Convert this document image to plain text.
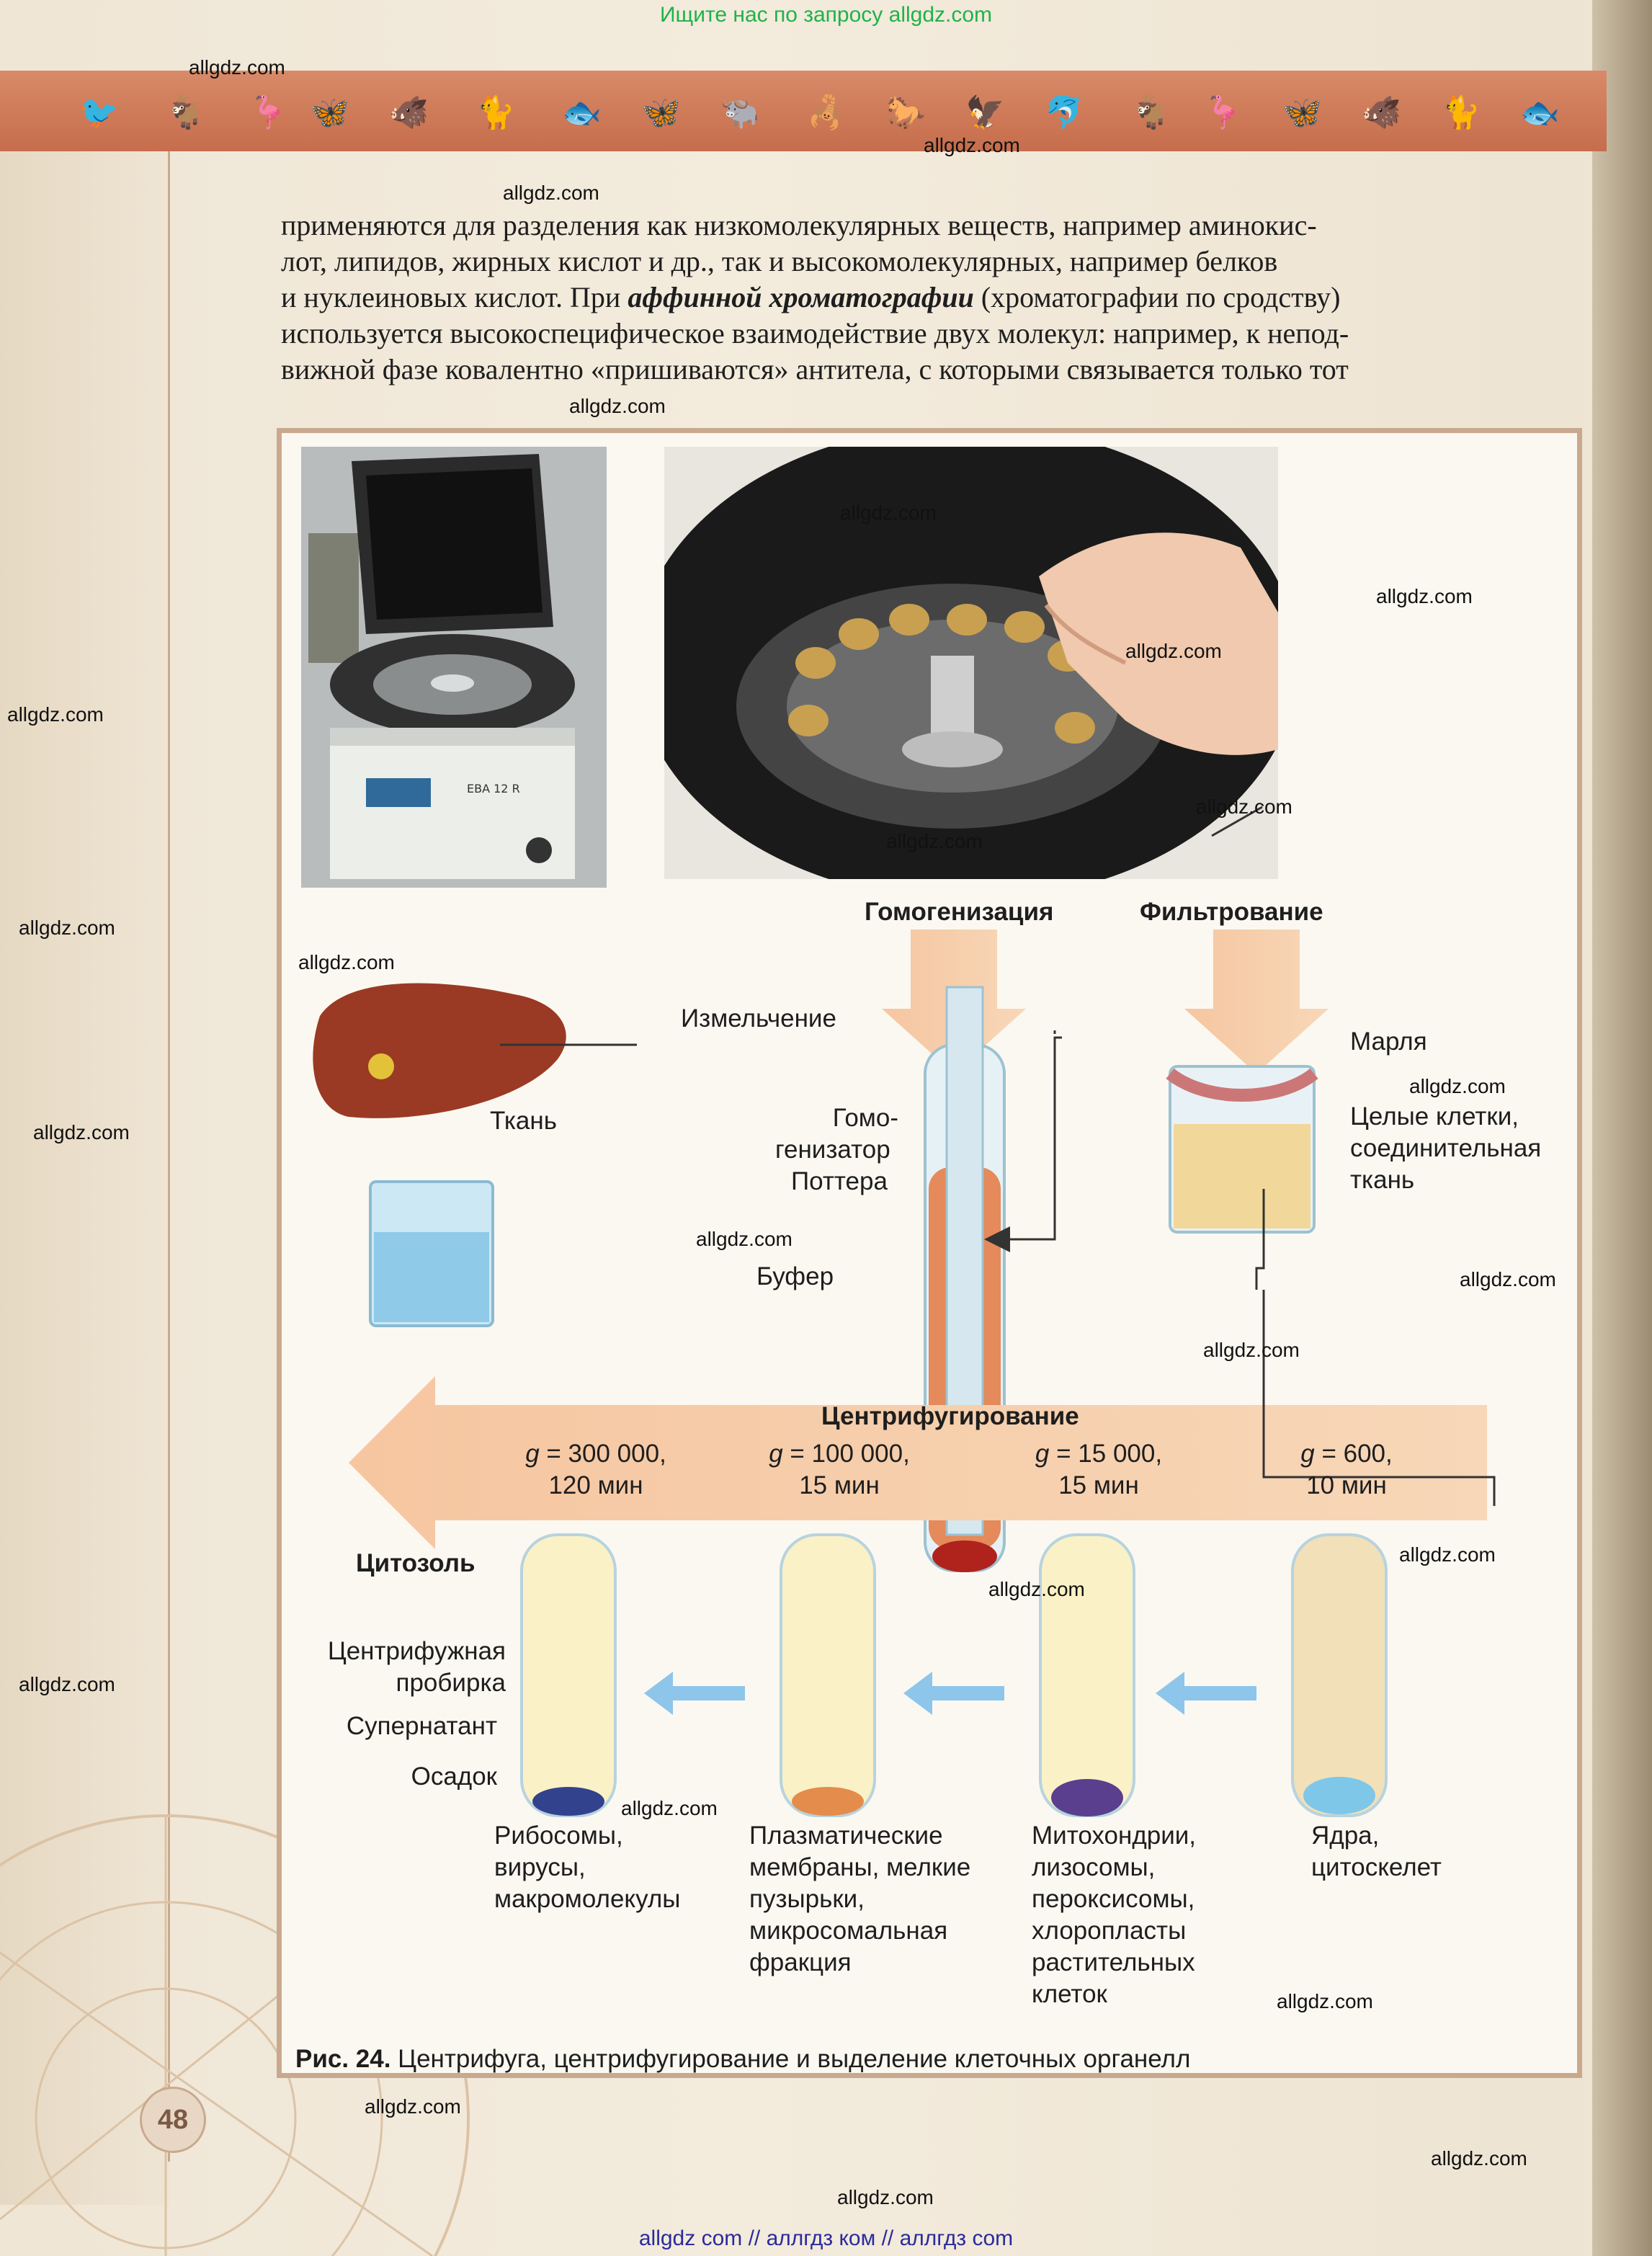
🐦 🐐 🦩 🦋 🐗 🐈 🐟 🦋 🐃 🦂 🐎 🦅 🐬 🐐 🦩 🦋 🐗 🐈 🐟
Ищите нас по запросу allgdz.com
применяются для разделения как низкомолекулярных веществ, например аминокис-
лот, липидов, жирных кислот и др., так и высокомолекулярных, например белков
и нуклеиновых кислот. При аффинной хроматографии (хроматографии по сродству)
используется высокоспецифическое взаимодействие двух молекул: например, к непод-
вижной фазе ковалентно «пришиваются» антитела, с которыми связывается только тот
EBA 12 R
Гомогенизация	Фильтрование
Измельчение
Ткань
Марля
Гомо-
генизатор
Поттера
Целые клетки, соединительная ткань
Буфер
Центрифугирование
g = 300 000,
120 мин
g = 100 000,
15 мин
g = 15 000,
15 мин
g = 600,
10 мин
Цитозоль
Центрифужная пробирка
Супернатант
Осадок
Рибосомы, вирусы, макромолекулы
Плазматические мембраны, мелкие пузырьки, микросомальная фракция
Митохондрии, лизосомы, пероксисомы, хлоропласты растительных клеток
Ядра, цитоскелет
Рис. 24. Центрифуга, центрифугирование и выделение клеточных органелл
48
allgdz.com
allgdz.com
allgdz.com
allgdz.com
allgdz.com
allgdz.com
allgdz.com
allgdz.com
allgdz.com
allgdz.com
allgdz.com
allgdz.com
allgdz.com
allgdz.com
allgdz.com
allgdz.com
allgdz.com
allgdz.com
allgdz.com
allgdz.com
allgdz.com
allgdz.com
allgdz.com
allgdz.com
allgdz.com
allgdz com // аллгдз ком // аллгдз com
